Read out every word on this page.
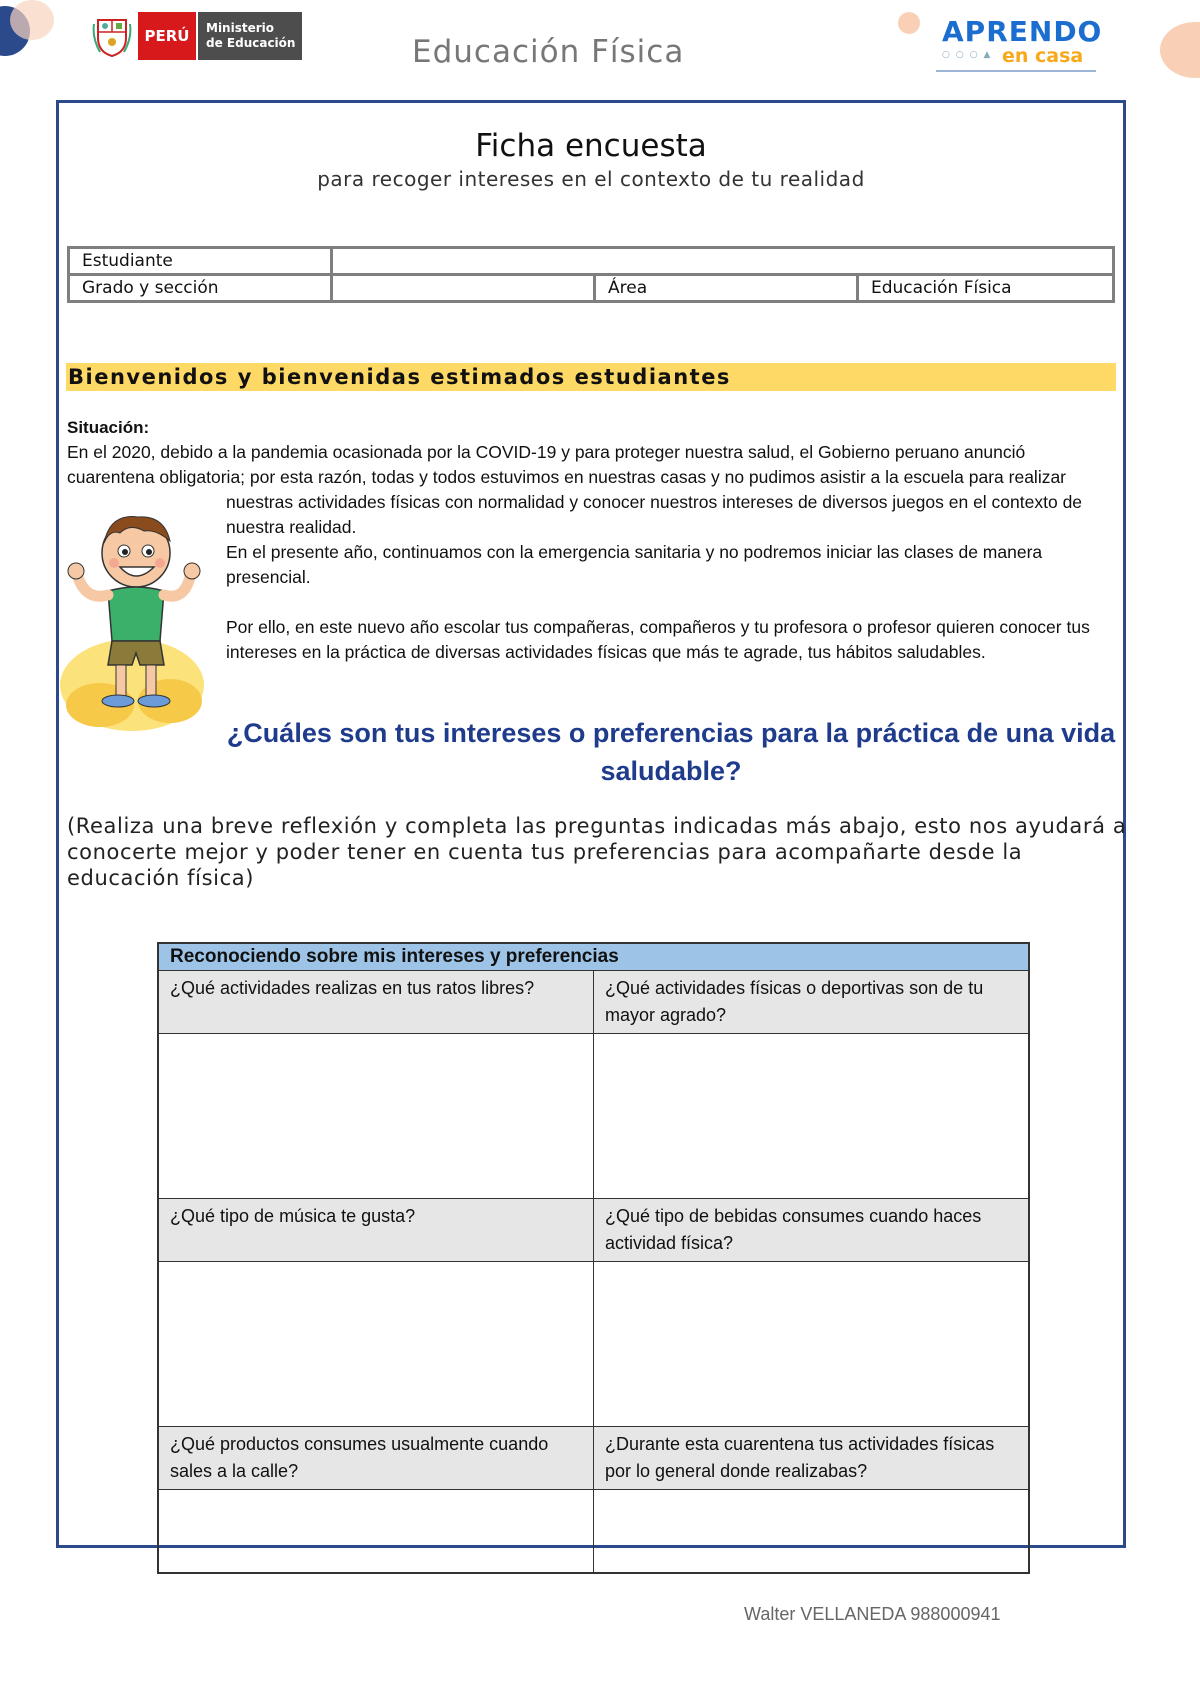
PERÚ	Ministerio
de Educación	Educación Física
APRENDO
○○○▲ en casa
Ficha encuesta
para recoger intereses en el contexto de tu realidad
Estudiante			
Grado y sección		Área	Educación Física
Bienvenidos y bienvenidas estimados estudiantes
Situación:
En el 2020, debido a la pandemia ocasionada por la COVID-19 y para proteger nuestra salud, el Gobierno peruano anunció
cuarentena obligatoria; por esta razón, todas y todos estuvimos en nuestras casas y no pudimos asistir a la escuela para realizar
nuestras actividades físicas con normalidad y conocer nuestros intereses de diversos juegos en el contexto de nuestra realidad.
En el presente año, continuamos con la emergencia sanitaria y no podremos iniciar las clases de manera presencial.
Por ello, en este nuevo año escolar tus compañeras, compañeros y tu profesora o profesor quieren conocer tus intereses en la práctica de diversas actividades físicas que más te agrade, tus hábitos saludables.
¿Cuáles son tus intereses o preferencias para la práctica de una vida saludable?
(Realiza una breve reflexión y completa las preguntas indicadas más abajo, esto nos ayudará a conocerte mejor y poder tener en cuenta tus preferencias para acompañarte desde la educación física)
Reconociendo sobre mis intereses y preferencias	
¿Qué actividades realizas en tus ratos libres?	¿Qué actividades físicas o deportivas son de tu mayor agrado?

¿Qué tipo de música te gusta?	¿Qué tipo de bebidas consumes cuando haces actividad física?

¿Qué productos consumes usualmente cuando sales a la calle?	¿Durante esta cuarentena tus actividades físicas por lo general donde realizabas?

Walter VELLANEDA 988000941
